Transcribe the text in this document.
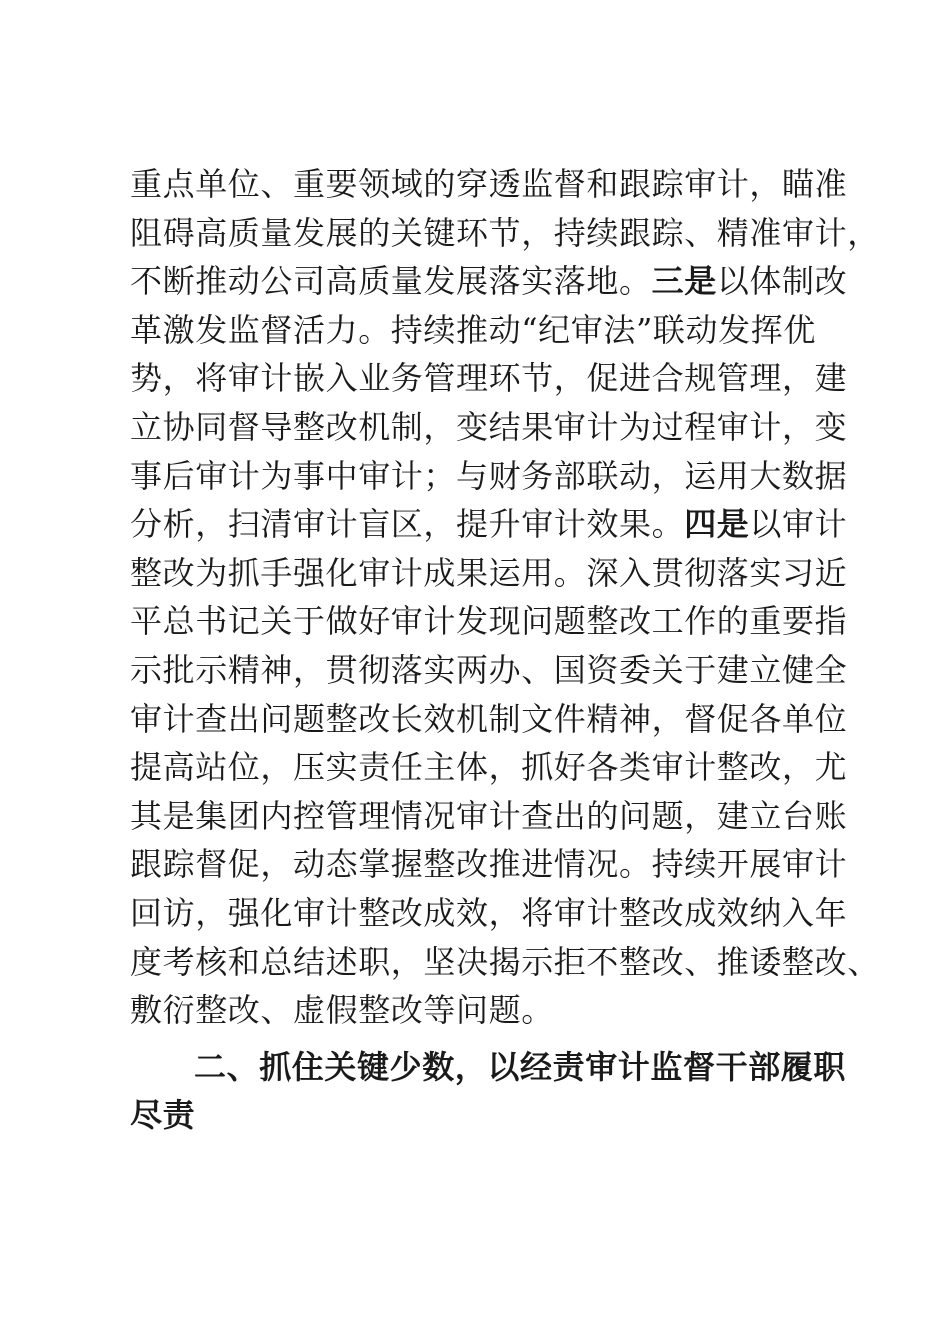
重点单位、重要领域的穿透监督和跟踪审计，瞄准
阻碍高质量发展的关键环节，持续跟踪、精准审计，
不断推动公司高质量发展落实落地。三是以体制改
革激发监督活力。持续推动“纪审法”联动发挥优
势，将审计嵌入业务管理环节，促进合规管理，建
立协同督导整改机制，变结果审计为过程审计，变
事后审计为事中审计；与财务部联动，运用大数据
分析，扫清审计盲区，提升审计效果。四是以审计
整改为抓手强化审计成果运用。深入贯彻落实习近
平总书记关于做好审计发现问题整改工作的重要指
示批示精神，贯彻落实两办、国资委关于建立健全
审计查出问题整改长效机制文件精神，督促各单位
提高站位，压实责任主体，抓好各类审计整改，尤
其是集团内控管理情况审计查出的问题，建立台账
跟踪督促，动态掌握整改推进情况。持续开展审计
回访，强化审计整改成效，将审计整改成效纳入年
度考核和总结述职，坚决揭示拒不整改、推诿整改、
敷衍整改、虚假整改等问题。
二、抓住关键少数，以经责审计监督干部履职
尽责
